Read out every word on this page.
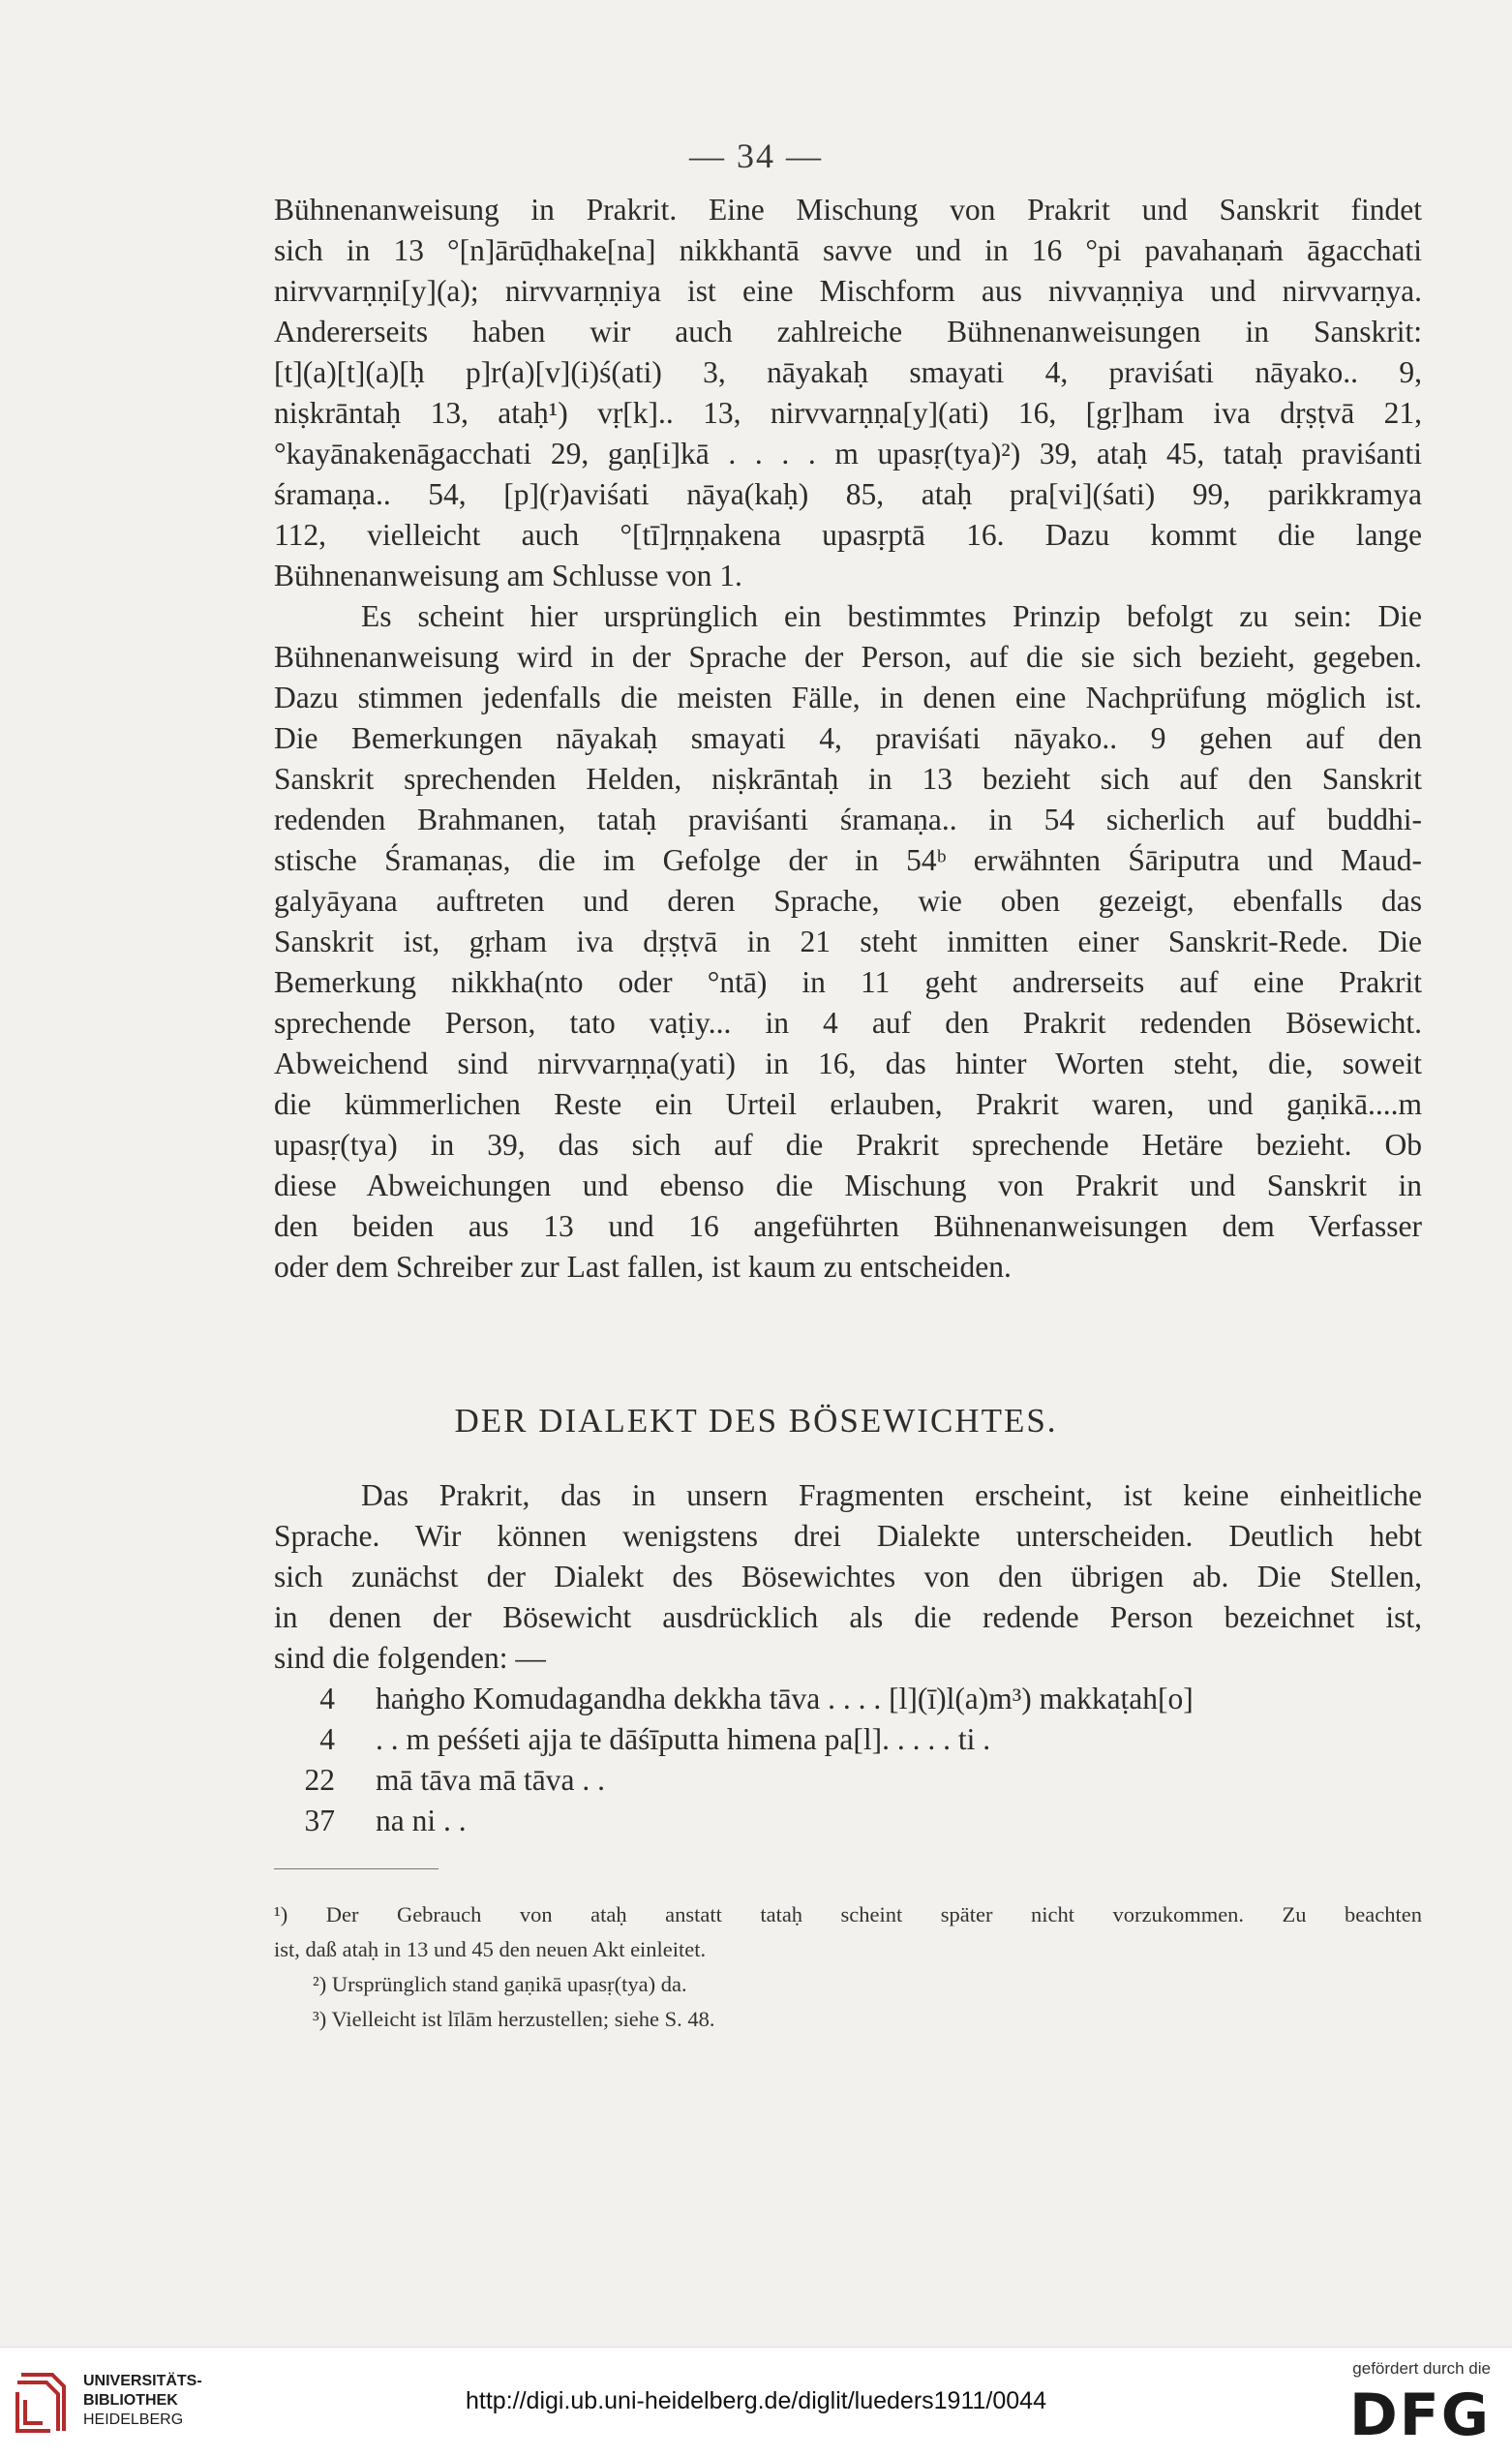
— 34 —
Bühnenanweisung in Prakrit. Eine Mischung von Prakrit und Sanskrit findet
sich in 13 °[n]ārūḍhake[na] nikkhantā savve und in 16 °pi pavahaṇaṁ āgacchati
nirvvarṇṇi[y](a); nirvvarṇṇiya ist eine Mischform aus nivvaṇṇiya und nirvvarṇya.
Andererseits haben wir auch zahlreiche Bühnenanweisungen in Sanskrit:
[t](a)[t](a)[ḥ p]r(a)[v](i)ś(ati) 3, nāyakaḥ smayati 4, praviśati nāyako.. 9,
niṣkrāntaḥ 13, ataḥ¹) vṛ[k].. 13, nirvvarṇṇa[y](ati) 16, [gṛ]ham iva dṛṣṭvā 21,
°kayānakenāgacchati 29, gaṇ[i]kā . . . . m upasṛ(tya)²) 39, ataḥ 45, tataḥ praviśanti
śramaṇa.. 54, [p](r)aviśati nāya(kaḥ) 85, ataḥ pra[vi](śati) 99, parikkramya
112, vielleicht auch °[tī]rṇṇakena upasṛptā 16. Dazu kommt die lange
Bühnenanweisung am Schlusse von 1.
Es scheint hier ursprünglich ein bestimmtes Prinzip befolgt zu sein: Die
Bühnenanweisung wird in der Sprache der Person, auf die sie sich bezieht, gegeben.
Dazu stimmen jedenfalls die meisten Fälle, in denen eine Nachprüfung möglich ist.
Die Bemerkungen nāyakaḥ smayati 4, praviśati nāyako.. 9 gehen auf den
Sanskrit sprechenden Helden, niṣkrāntaḥ in 13 bezieht sich auf den Sanskrit
redenden Brahmanen, tataḥ praviśanti śramaṇa.. in 54 sicherlich auf buddhi-
stische Śramaṇas, die im Gefolge der in 54ᵇ erwähnten Śāriputra und Maud-
galyāyana auftreten und deren Sprache, wie oben gezeigt, ebenfalls das
Sanskrit ist, gṛham iva dṛṣṭvā in 21 steht inmitten einer Sanskrit-Rede. Die
Bemerkung nikkha(nto oder °ntā) in 11 geht andrerseits auf eine Prakrit
sprechende Person, tato vaṭiy... in 4 auf den Prakrit redenden Bösewicht.
Abweichend sind nirvvarṇṇa(yati) in 16, das hinter Worten steht, die, soweit
die kümmerlichen Reste ein Urteil erlauben, Prakrit waren, und gaṇikā....m
upasṛ(tya) in 39, das sich auf die Prakrit sprechende Hetäre bezieht. Ob
diese Abweichungen und ebenso die Mischung von Prakrit und Sanskrit in
den beiden aus 13 und 16 angeführten Bühnenanweisungen dem Verfasser
oder dem Schreiber zur Last fallen, ist kaum zu entscheiden.
DER DIALEKT DES BÖSEWICHTES.
Das Prakrit, das in unsern Fragmenten erscheint, ist keine einheitliche
Sprache. Wir können wenigstens drei Dialekte unterscheiden. Deutlich hebt
sich zunächst der Dialekt des Bösewichtes von den übrigen ab. Die Stellen,
in denen der Bösewicht ausdrücklich als die redende Person bezeichnet ist,
sind die folgenden: —
4	haṅgho Komudagandha dekkha tāva . . . . [l](ī)l(a)m³) makkaṭah[o]
4	. . m peśśeti ajja te dāśīputta himena pa[l]. . . . . ti .
22	mā tāva mā tāva . .
37	na ni . .
¹) Der Gebrauch von ataḥ anstatt tataḥ scheint später nicht vorzukommen. Zu beachten
ist, daß ataḥ in 13 und 45 den neuen Akt einleitet.
²) Ursprünglich stand gaṇikā upasṛ(tya) da.
³) Vielleicht ist līlām herzustellen; siehe S. 48.
UNIVERSITÄTS-
BIBLIOTHEK
HEIDELBERG
http://digi.ub.uni-heidelberg.de/diglit/lueders1911/0044
gefördert durch die
DFG
